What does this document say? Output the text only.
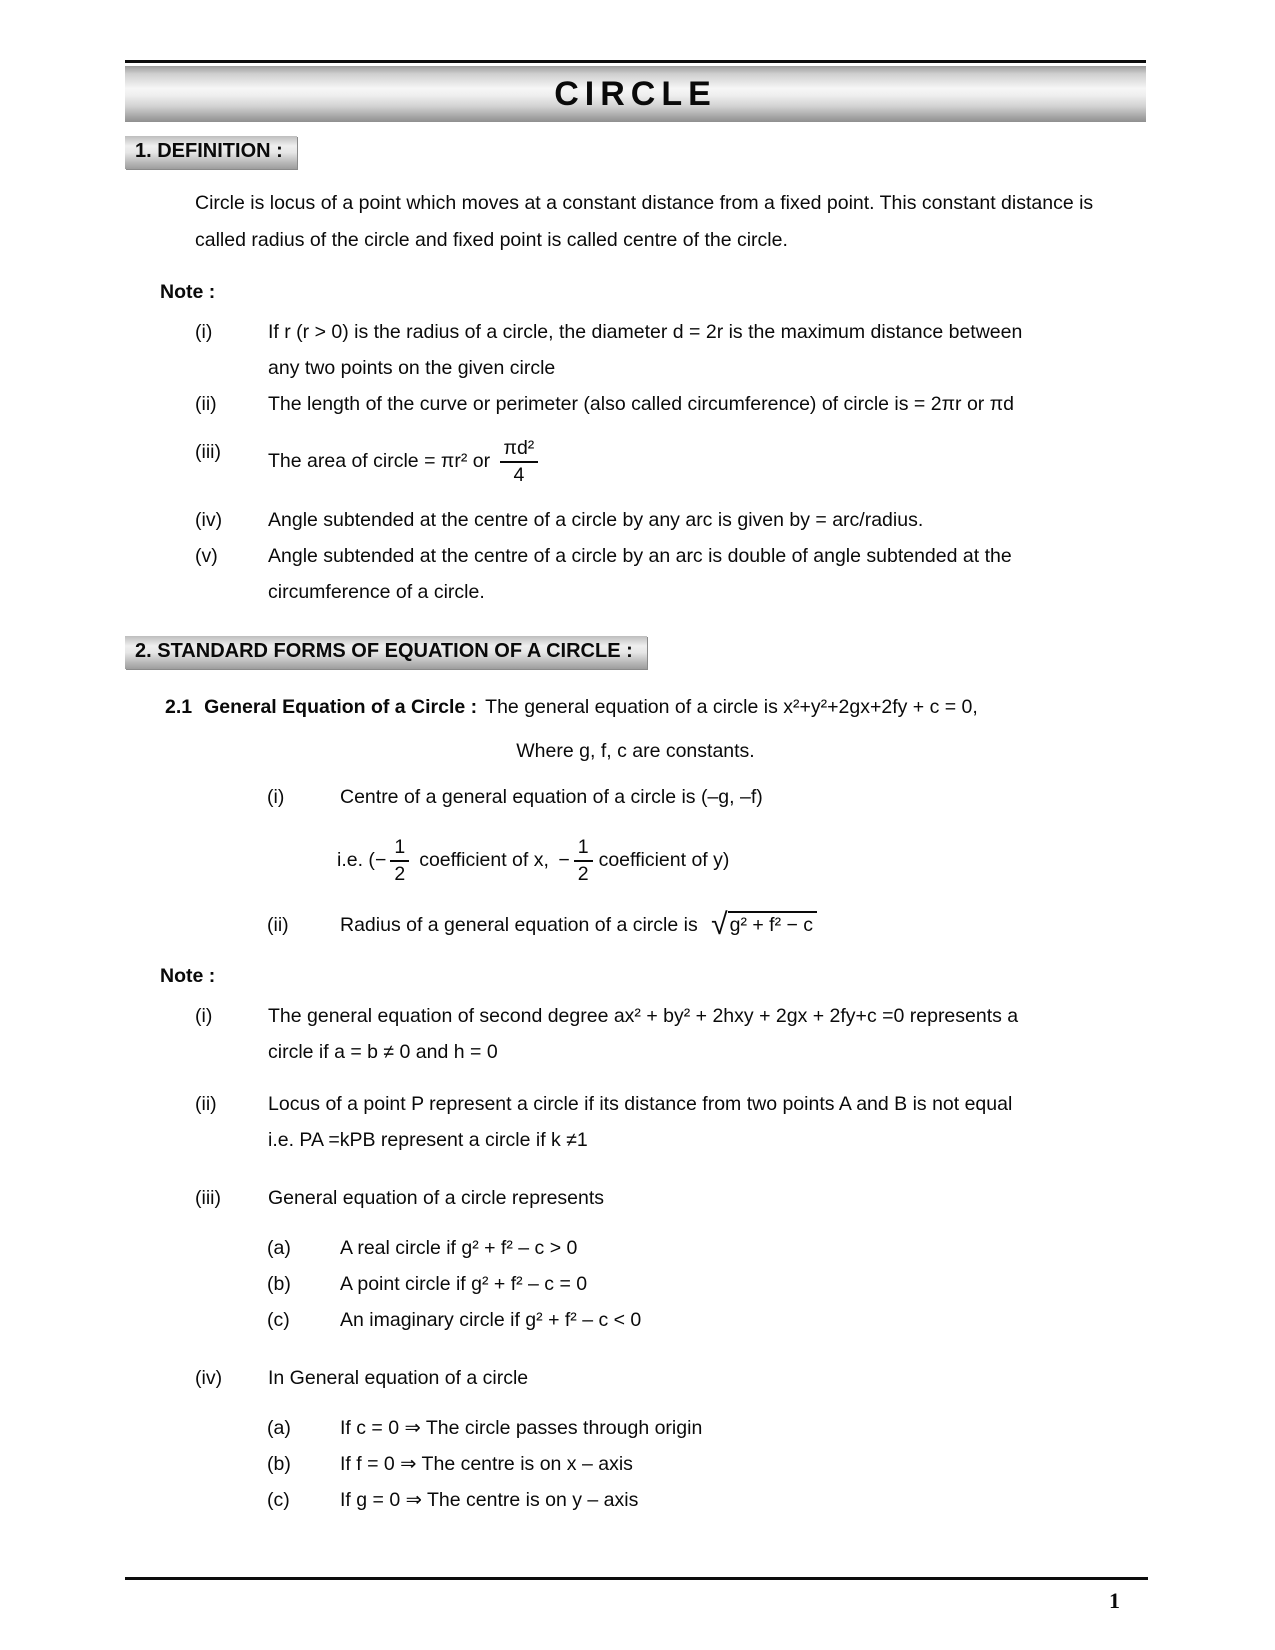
CIRCLE
1. DEFINITION :

Circle is locus of a point which moves at a constant distance from a fixed point. This constant distance is called radius of the circle and fixed point is called centre of the circle.

Note :
(i)	If r (r > 0) is the radius of a circle, the diameter d = 2r is the maximum distance between
any two points on the given circle
(ii)	The length of the curve or perimeter (also called circumference) of circle is = 2πr or πd
(iii)	The area of circle = πr² or $\frac{\text{πd²}}{4}$
(iv)	Angle subtended at the centre of a circle by any arc is given by = arc/radius.
(v)	Angle subtended at the centre of a circle by an arc is double of angle subtended at the
circumference of a circle.
2. STANDARD FORMS OF EQUATION OF A CIRCLE :
2.1 General Equation of a Circle : The general equation of a circle is x²+y²+2gx+2fy + c = 0,
Where g, f, c are constants.
(i)	Centre of a general equation of a circle is (–g, –f)
i.e. (− $\frac{1}{2}$ coefficient of x, − $\frac{1}{2}$ coefficient of y)
(ii)	Radius of a general equation of a circle is √ g² + f² − c
Note :
(i)	The general equation of second degree ax² + by² + 2hxy + 2gx + 2fy+c =0 represents a
circle if a = b ≠ 0 and h = 0
(ii)	Locus of a point P represent a circle if its distance from two points A and B is not equal
i.e. PA =kPB represent a circle if k ≠1
(iii)	General equation of a circle represents
(a)	A real circle if g² + f² – c > 0
(b)	A point circle if g² + f² – c = 0
(c)	An imaginary circle if g² + f² – c < 0
(iv)	In General equation of a circle
(a)	If c = 0 ⇒ The circle passes through origin
(b)	If f = 0 ⇒ The centre is on x – axis
(c)	If g = 0 ⇒ The centre is on y – axis
1
